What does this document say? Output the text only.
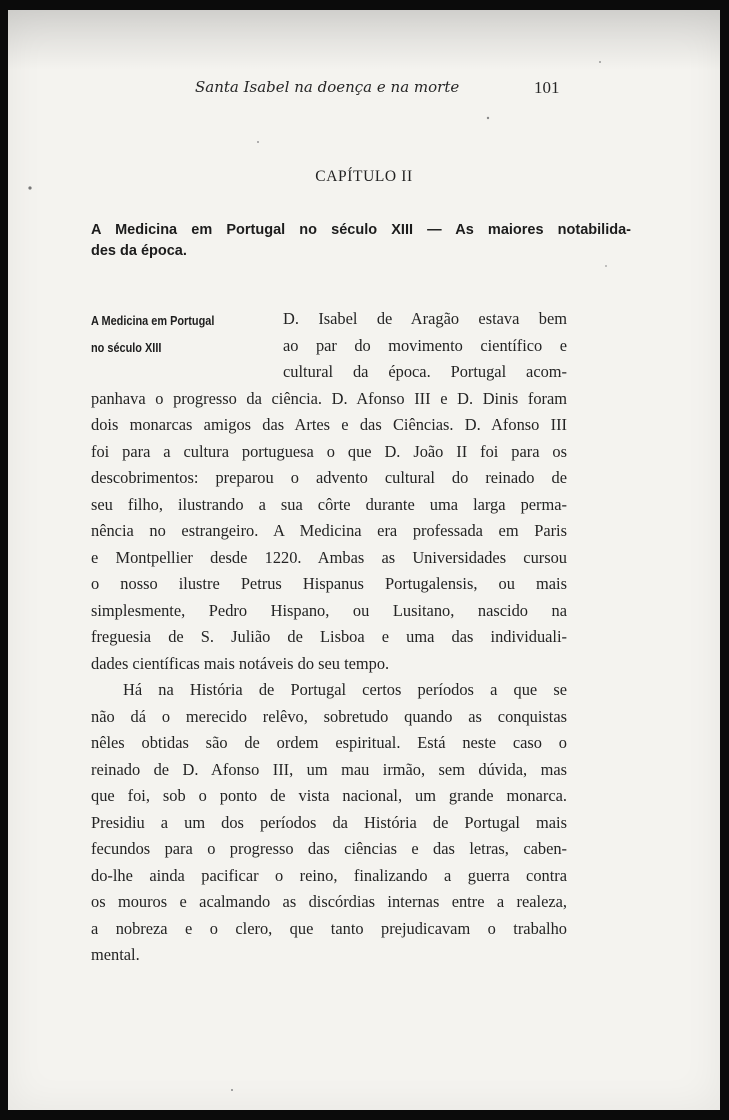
Santa Isabel na doença e na morte	101
CAPÍTULO II
A Medicina em Portugal no século XIII — As maiores notabilida-
des da época.
A Medicina em Portugal
no século XIII
D. Isabel de Aragão estava bem
ao par do movimento científico e
cultural da época. Portugal acom-
panhava o progresso da ciência. D. Afonso III e D. Dinis foram
dois monarcas amigos das Artes e das Ciências. D. Afonso III
foi para a cultura portuguesa o que D. João II foi para os
descobrimentos: preparou o advento cultural do reinado de
seu filho, ilustrando a sua côrte durante uma larga perma-
nência no estrangeiro. A Medicina era professada em Paris
e Montpellier desde 1220. Ambas as Universidades cursou
o nosso ilustre Petrus Hispanus Portugalensis, ou mais
simplesmente, Pedro Hispano, ou Lusitano, nascido na
freguesia de S. Julião de Lisboa e uma das individuali-
dades científicas mais notáveis do seu tempo.
Há na História de Portugal certos períodos a que se
não dá o merecido relêvo, sobretudo quando as conquistas
nêles obtidas são de ordem espiritual. Está neste caso o
reinado de D. Afonso III, um mau irmão, sem dúvida, mas
que foi, sob o ponto de vista nacional, um grande monarca.
Presidiu a um dos períodos da História de Portugal mais
fecundos para o progresso das ciências e das letras, caben-
do-lhe ainda pacificar o reino, finalizando a guerra contra
os mouros e acalmando as discórdias internas entre a realeza,
a nobreza e o clero, que tanto prejudicavam o trabalho
mental.
